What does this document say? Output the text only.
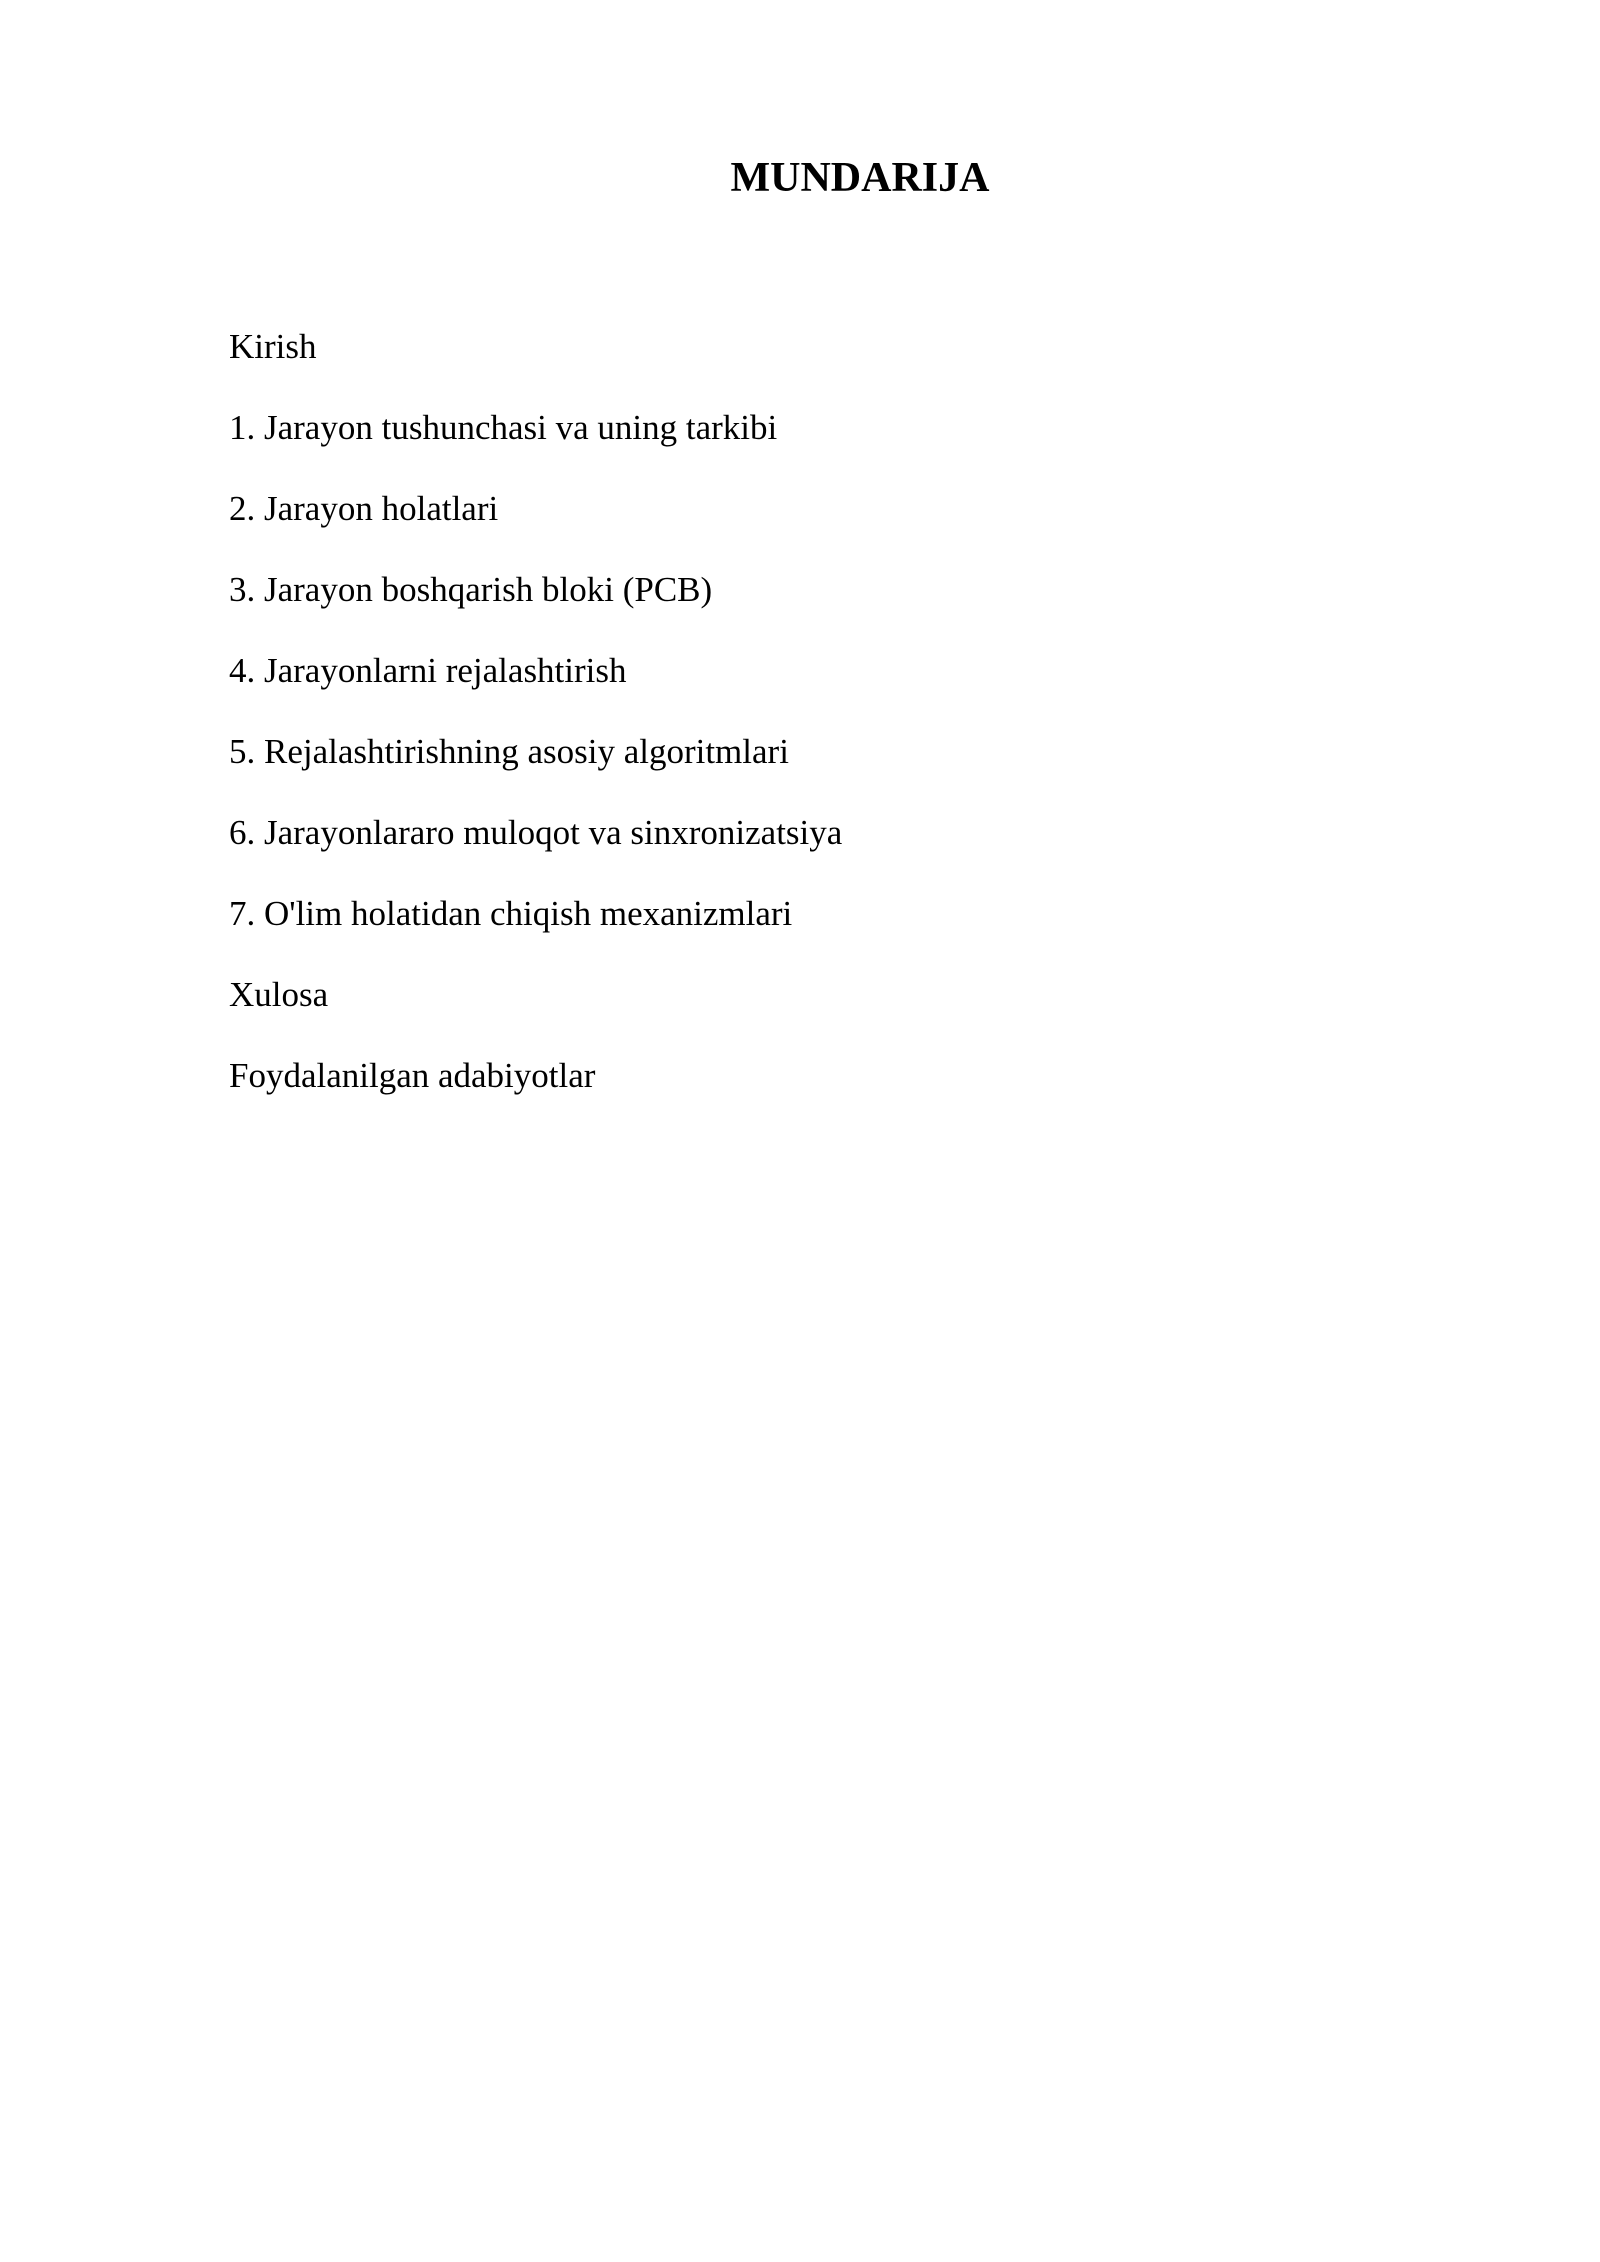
MUNDARIJA
Kirish
1. Jarayon tushunchasi va uning tarkibi
2. Jarayon holatlari
3. Jarayon boshqarish bloki (PCB)
4. Jarayonlarni rejalashtirish
5. Rejalashtirishning asosiy algoritmlari
6. Jarayonlararo muloqot va sinxronizatsiya
7. O'lim holatidan chiqish mexanizmlari
Xulosa
Foydalanilgan adabiyotlar
